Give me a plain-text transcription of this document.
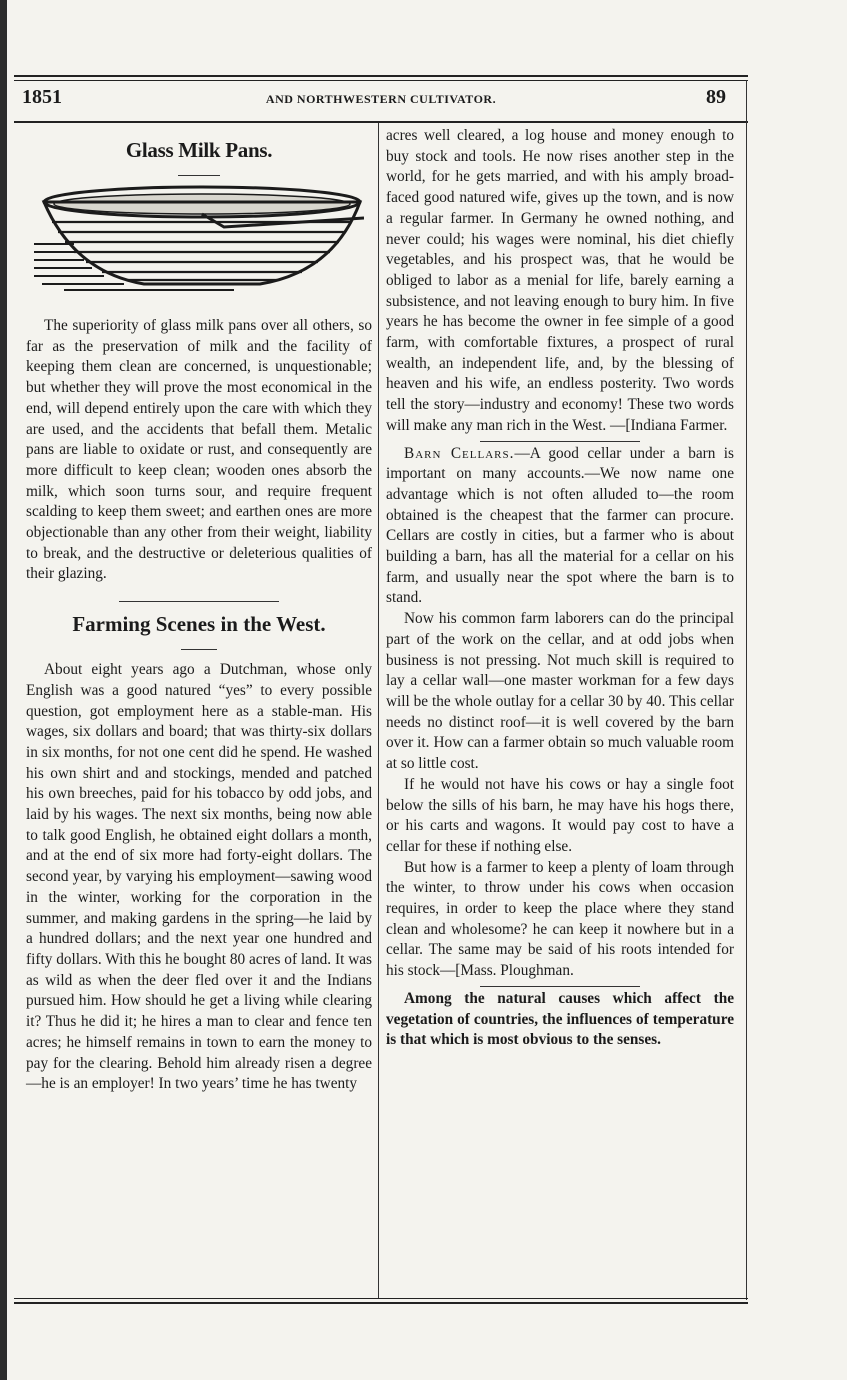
1851	AND NORTHWESTERN CULTIVATOR.	89
Glass Milk Pans.

The superiority of glass milk pans over all others, so far as the preservation of milk and the facility of keeping them clean are concerned, is unquestionable; but whether they will prove the most economical in the end, will depend entirely upon the care with which they are used, and the accidents that befall them. Metalic pans are liable to oxidate or rust, and consequently are more difficult to keep clean; wooden ones absorb the milk, which soon turns sour, and require frequent scalding to keep them sweet; and earthen ones are more objectionable than any other from their weight, liability to break, and the destructive or deleterious qualities of their glazing.

Farming Scenes in the West.

About eight years ago a Dutchman, whose only English was a good natured “yes” to every possible question, got employment here as a stable-man. His wages, six dollars and board; that was thirty-six dollars in six months, for not one cent did he spend. He washed his own shirt and and stockings, mended and patched his own breeches, paid for his tobacco by odd jobs, and laid by his wages. The next six months, being now able to talk good English, he obtained eight dollars a month, and at the end of six more had forty-eight dollars. The second year, by varying his employment—sawing wood in the winter, working for the corporation in the summer, and making gardens in the spring—he laid by a hundred dollars; and the next year one hundred and fifty dollars. With this he bought 80 acres of land. It was as wild as when the deer fled over it and the Indians pursued him. How should he get a living while clearing it? Thus he did it; he hires a man to clear and fence ten acres; he himself remains in town to earn the money to pay for the clearing. Behold him already risen a degree—he is an employer! In two years’ time he has twenty

acres well cleared, a log house and money enough to buy stock and tools. He now rises another step in the world, for he gets married, and with his amply broad-faced good natured wife, gives up the town, and is now a regular farmer. In Germany he owned nothing, and never could; his wages were nominal, his diet chiefly vegetables, and his prospect was, that he would be obliged to labor as a menial for life, barely earning a subsistence, and not leaving enough to bury him. In five years he has become the owner in fee simple of a good farm, with comfortable fixtures, a prospect of rural wealth, an independent life, and, by the blessing of heaven and his wife, an endless posterity. Two words tell the story—industry and economy! These two words will make any man rich in the West. —[Indiana Farmer.

Barn Cellars.—A good cellar under a barn is important on many accounts.—We now name one advantage which is not often alluded to—the room obtained is the cheapest that the farmer can procure. Cellars are costly in cities, but a farmer who is about building a barn, has all the material for a cellar on his farm, and usually near the spot where the barn is to stand.

Now his common farm laborers can do the principal part of the work on the cellar, and at odd jobs when business is not pressing. Not much skill is required to lay a cellar wall—one master workman for a few days will be the whole outlay for a cellar 30 by 40. This cellar needs no distinct roof—it is well covered by the barn over it. How can a farmer obtain so much valuable room at so little cost.

If he would not have his cows or hay a single foot below the sills of his barn, he may have his hogs there, or his carts and wagons. It would pay cost to have a cellar for these if nothing else.

But how is a farmer to keep a plenty of loam through the winter, to throw under his cows when occasion requires, in order to keep the place where they stand clean and wholesome? he can keep it nowhere but in a cellar. The same may be said of his roots intended for his stock—[Mass. Ploughman.

Among the natural causes which affect the vegetation of countries, the influences of temperature is that which is most obvious to the senses.
